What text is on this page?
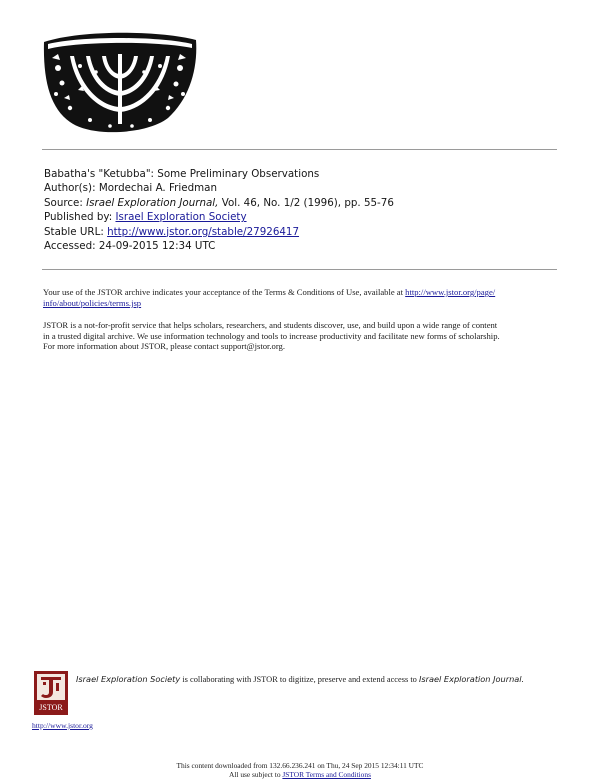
Babatha's "Ketubba": Some Preliminary Observations
Author(s): Mordechai A. Friedman
Source: Israel Exploration Journal, Vol. 46, No. 1/2 (1996), pp. 55-76
Published by: Israel Exploration Society
Stable URL: http://www.jstor.org/stable/27926417
Accessed: 24-09-2015 12:34 UTC
Your use of the JSTOR archive indicates your acceptance of the Terms & Conditions of Use, available at http://www.jstor.org/page/
info/about/policies/terms.jsp
JSTOR is a not-for-profit service that helps scholars, researchers, and students discover, use, and build upon a wide range of content
in a trusted digital archive. We use information technology and tools to increase productivity and facilitate new forms of scholarship.
For more information about JSTOR, please contact support@jstor.org.
JSTOR
Israel Exploration Society is collaborating with JSTOR to digitize, preserve and extend access to Israel Exploration Journal.
http://www.jstor.org
This content downloaded from 132.66.236.241 on Thu, 24 Sep 2015 12:34:11 UTC
All use subject to JSTOR Terms and Conditions
